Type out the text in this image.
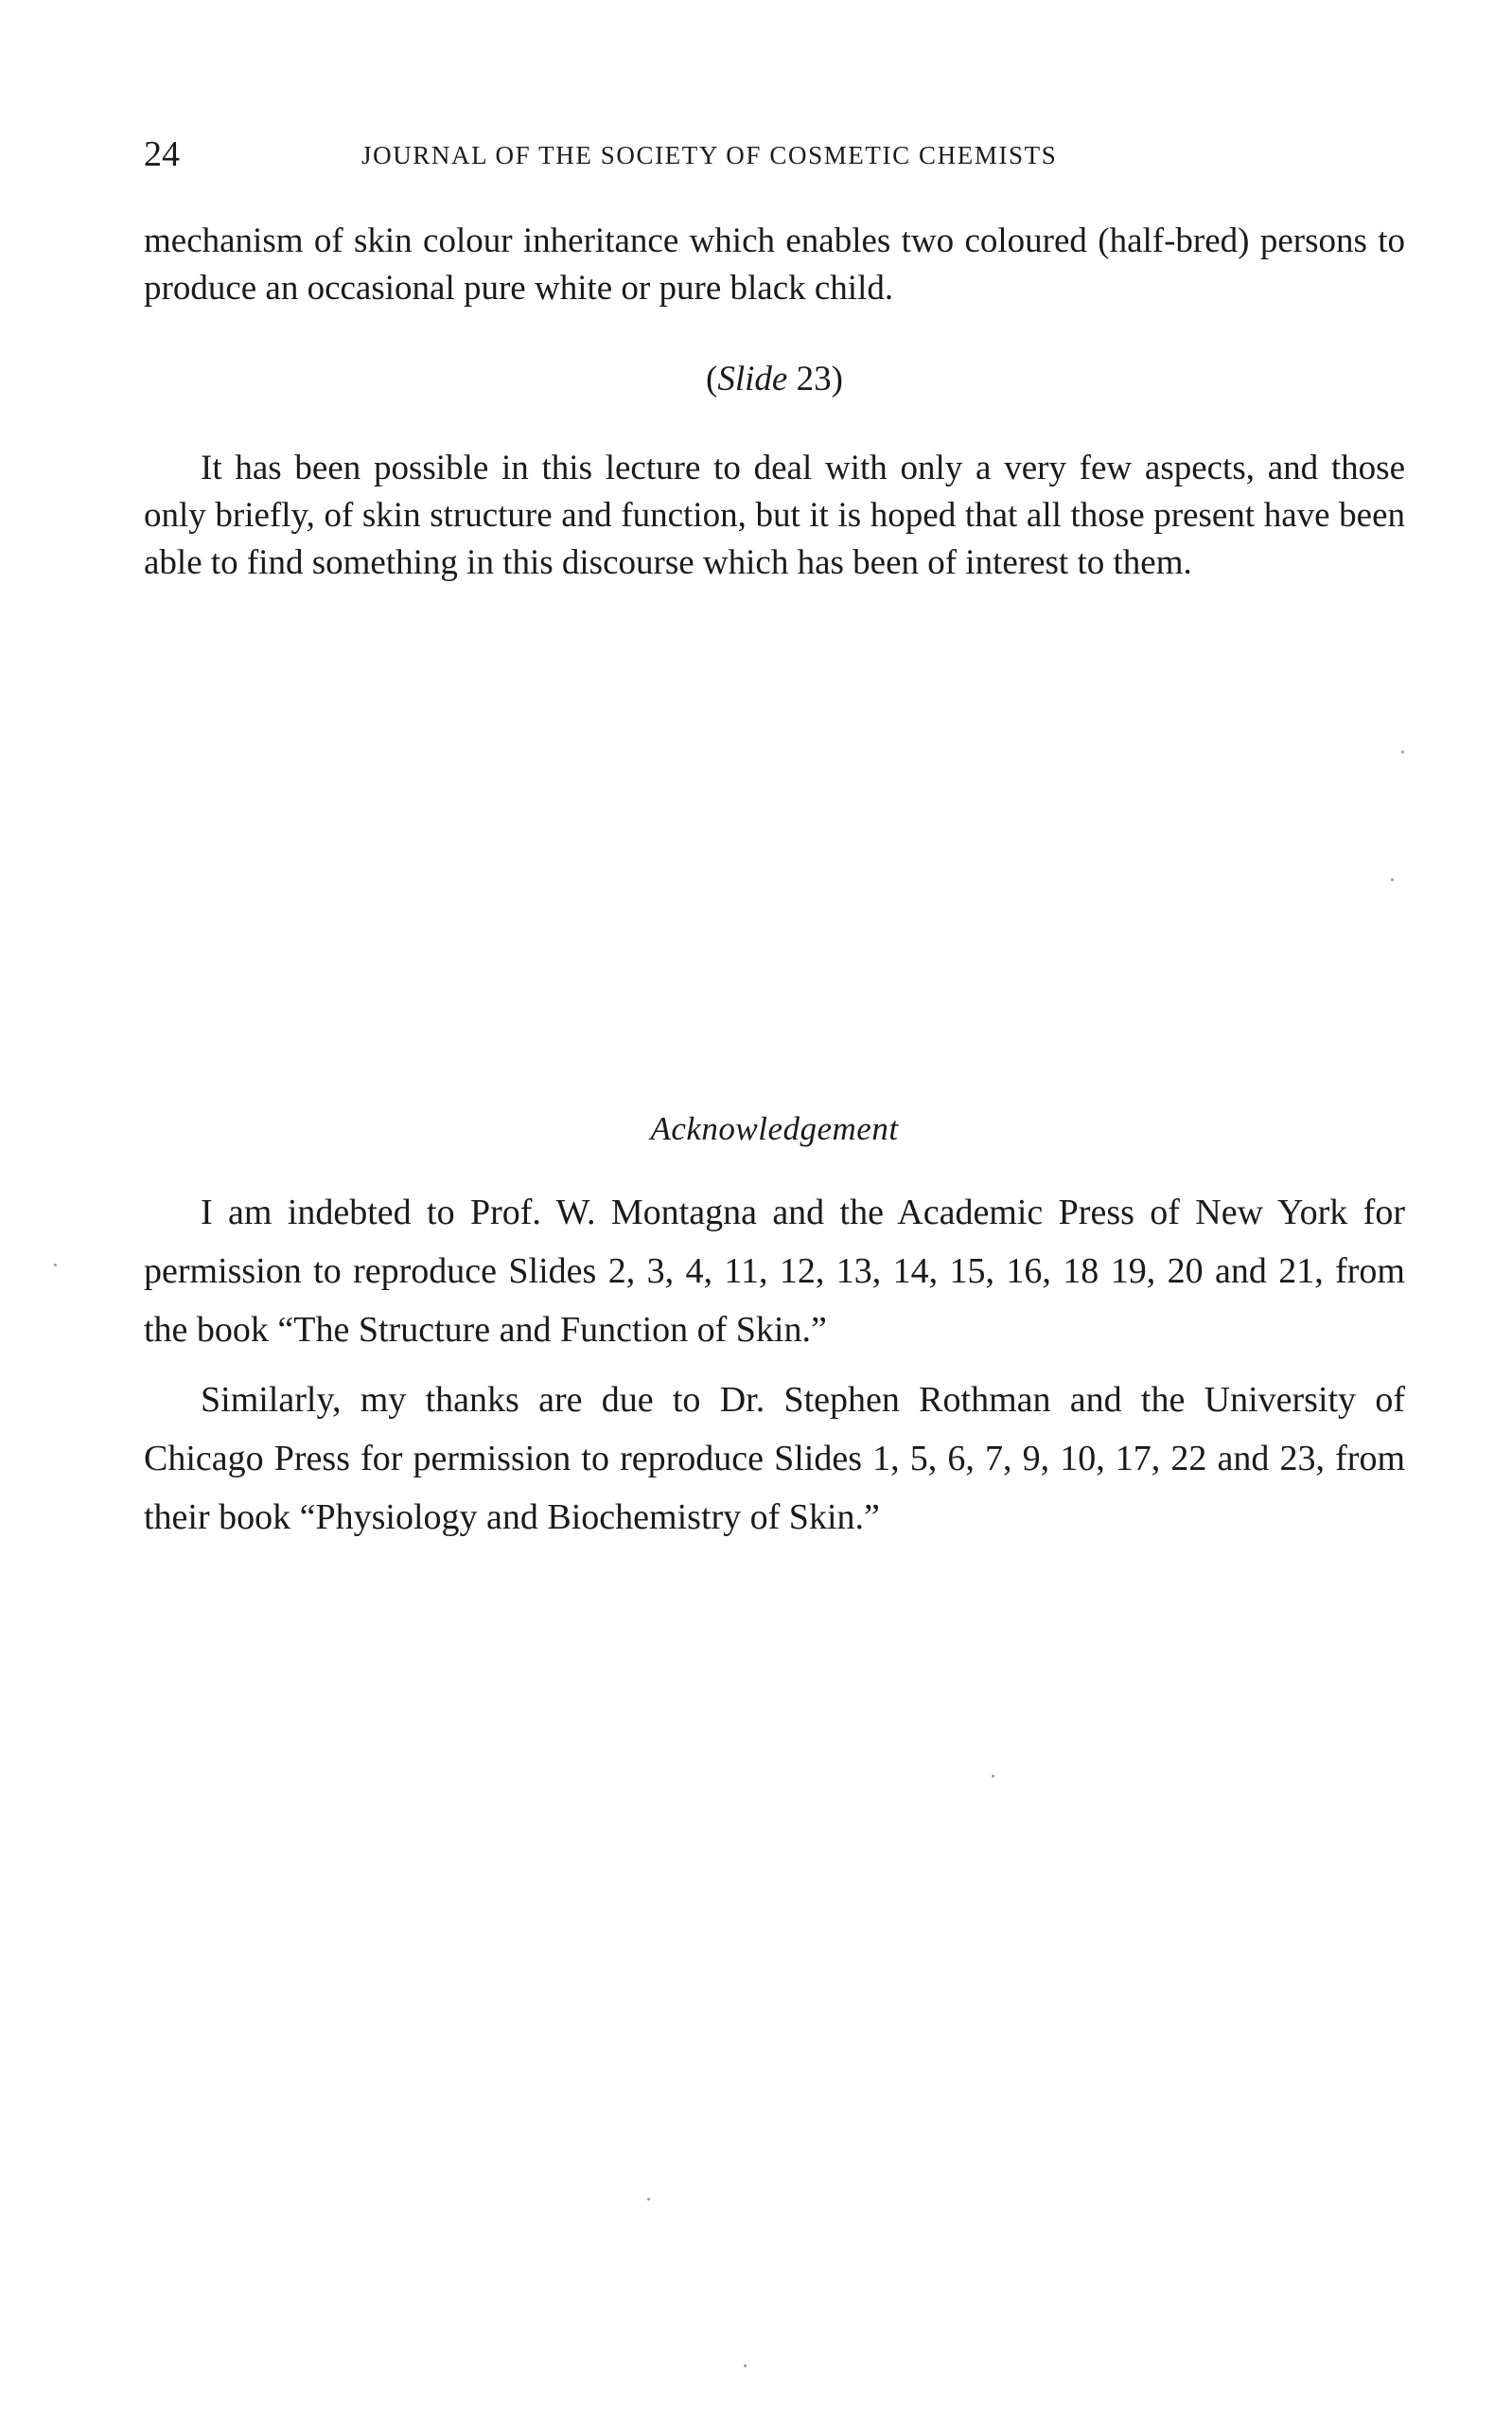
24	JOURNAL OF THE SOCIETY OF COSMETIC CHEMISTS

mechanism of skin colour inheritance which enables two coloured (half-bred) persons to produce an occasional pure white or pure black child.

(Slide 23)

It has been possible in this lecture to deal with only a very few aspects, and those only briefly, of skin structure and function, but it is hoped that all those present have been able to find something in this discourse which has been of interest to them.

Acknowledgement

I am indebted to Prof. W. Montagna and the Academic Press of New York for permission to reproduce Slides 2, 3, 4, 11, 12, 13, 14, 15, 16, 18 19, 20 and 21, from the book “The Structure and Function of Skin.”

Similarly, my thanks are due to Dr. Stephen Rothman and the University of Chicago Press for permission to reproduce Slides 1, 5, 6, 7, 9, 10, 17, 22 and 23, from their book “Physiology and Biochemistry of Skin.”
